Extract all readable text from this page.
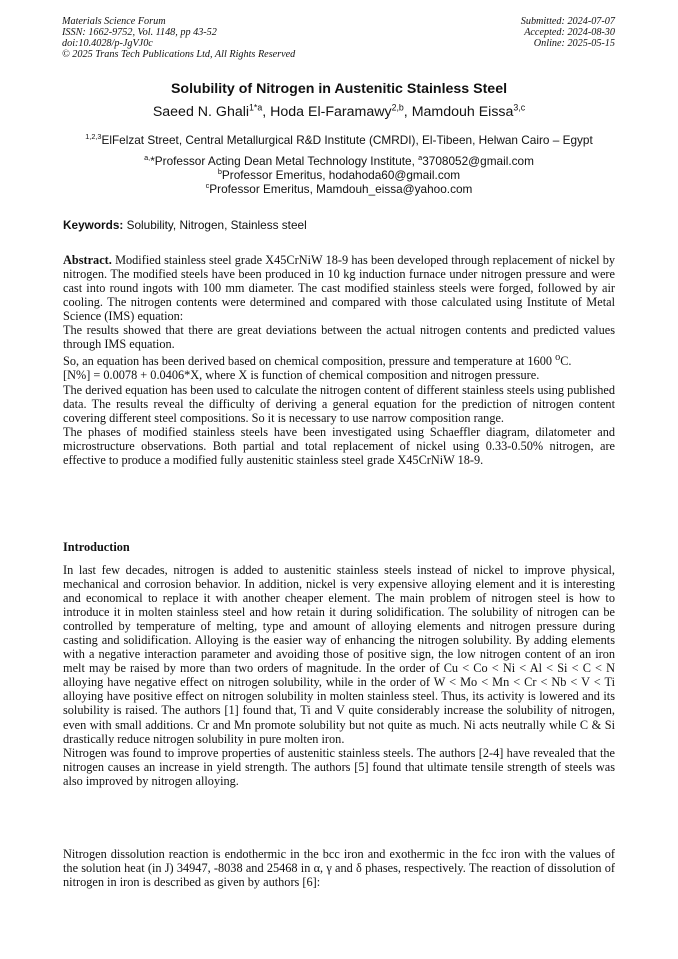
Materials Science Forum
ISSN: 1662-9752, Vol. 1148, pp 43-52
doi:10.4028/p-JgVJ0c
© 2025 Trans Tech Publications Ltd, All Rights Reserved
Submitted: 2024-07-07
Accepted: 2024-08-30
Online: 2025-05-15
Solubility of Nitrogen in Austenitic Stainless Steel
Saeed N. Ghali$^{1*a}$, Hoda El-Faramawy$^{2,b}$, Mamdouh Eissa$^{3,c}$
$^{1,2,3}$ElFelzat Street, Central Metallurgical R&D Institute (CMRDI), El-Tibeen, Helwan Cairo – Egypt
$^{a,}$*Professor Acting Dean Metal Technology Institute, $^a$3708052@gmail.com
$^b$Professor Emeritus, hodahoda60@gmail.com
$^c$Professor Emeritus, Mamdouh_eissa@yahoo.com
Keywords: Solubility, Nitrogen, Stainless steel

Abstract. Modified stainless steel grade X45CrNiW 18-9 has been developed through replacement of nickel by nitrogen. The modified steels have been produced in 10 kg induction furnace under nitrogen pressure and were cast into round ingots with 100 mm diameter. The cast modified stainless steels were forged, followed by air cooling. The nitrogen contents were determined and compared with those calculated using Institute of Metal Science (IMS) equation:

The results showed that there are great deviations between the actual nitrogen contents and predicted values through IMS equation.

So, an equation has been derived based on chemical composition, pressure and temperature at 1600 $^o$C.

[N%] = 0.0078 + 0.0406*X, where X is function of chemical composition and nitrogen pressure.

The derived equation has been used to calculate the nitrogen content of different stainless steels using published data. The results reveal the difficulty of deriving a general equation for the prediction of nitrogen content covering different steel compositions. So it is necessary to use narrow composition range.

The phases of modified stainless steels have been investigated using Schaeffler diagram, dilatometer and microstructure observations. Both partial and total replacement of nickel using 0.33-0.50% nitrogen, are effective to produce a modified fully austenitic stainless steel grade X45CrNiW 18-9.

Introduction

In last few decades, nitrogen is added to austenitic stainless steels instead of nickel to improve physical, mechanical and corrosion behavior. In addition, nickel is very expensive alloying element and it is interesting and economical to replace it with another cheaper element. The main problem of nitrogen steel is how to introduce it in molten stainless steel and how retain it during solidification. The solubility of nitrogen can be controlled by temperature of melting, type and amount of alloying elements and nitrogen pressure during casting and solidification. Alloying is the easier way of enhancing the nitrogen solubility. By adding elements with a negative interaction parameter and avoiding those of positive sign, the low nitrogen content of an iron melt may be raised by more than two orders of magnitude. In the order of Cu < Co < Ni < Al < Si < C < N alloying have negative effect on nitrogen solubility, while in the order of W < Mo < Mn < Cr < Nb < V < Ti alloying have positive effect on nitrogen solubility in molten stainless steel. Thus, its activity is lowered and its solubility is raised. The authors [1] found that, Ti and V quite considerably increase the solubility of nitrogen, even with small additions. Cr and Mn promote solubility but not quite as much. Ni acts neutrally while C & Si drastically reduce nitrogen solubility in pure molten iron.

Nitrogen was found to improve properties of austenitic stainless steels. The authors [2-4] have revealed that the nitrogen causes an increase in yield strength. The authors [5] found that ultimate tensile strength of steels was also improved by nitrogen alloying.

Nitrogen dissolution reaction is endothermic in the bcc iron and exothermic in the fcc iron with the values of the solution heat (in J) 34947, -8038 and 25468 in α, γ and δ phases, respectively. The reaction of dissolution of nitrogen in iron is described as given by authors [6]:
